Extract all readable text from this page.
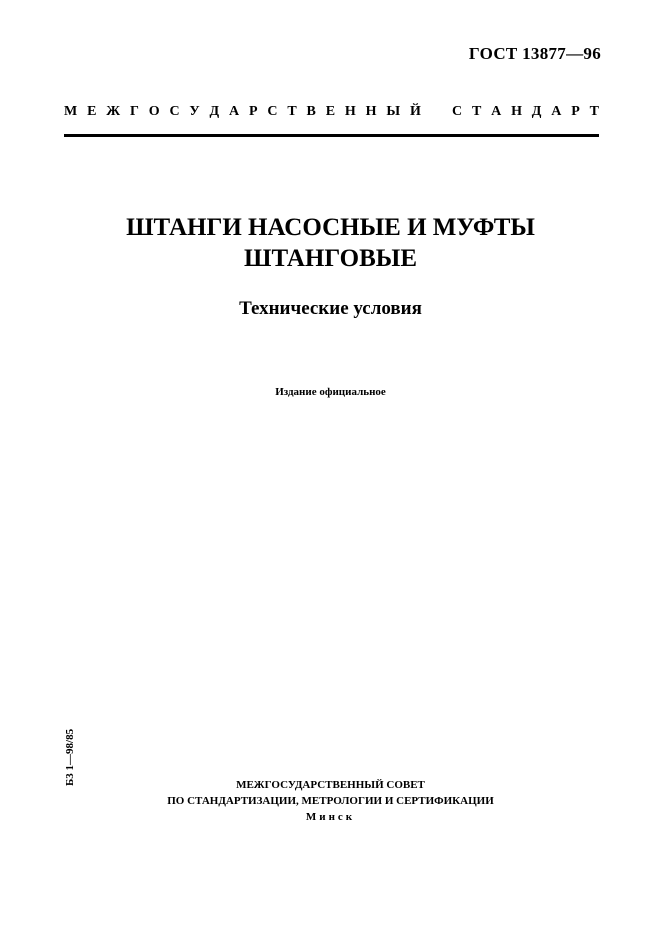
ГОСТ 13877—96
М Е Ж Г О С У Д А Р С Т В Е Н Н Ы Й С Т А Н Д А Р Т
ШТАНГИ НАСОСНЫЕ И МУФТЫ
ШТАНГОВЫЕ
Технические условия
Издание официальное
Б3 1—98/85	МЕЖГОСУДАРСТВЕННЫЙ СОВЕТ
ПО СТАНДАРТИЗАЦИИ, МЕТРОЛОГИИ И СЕРТИФИКАЦИИ
Минск
